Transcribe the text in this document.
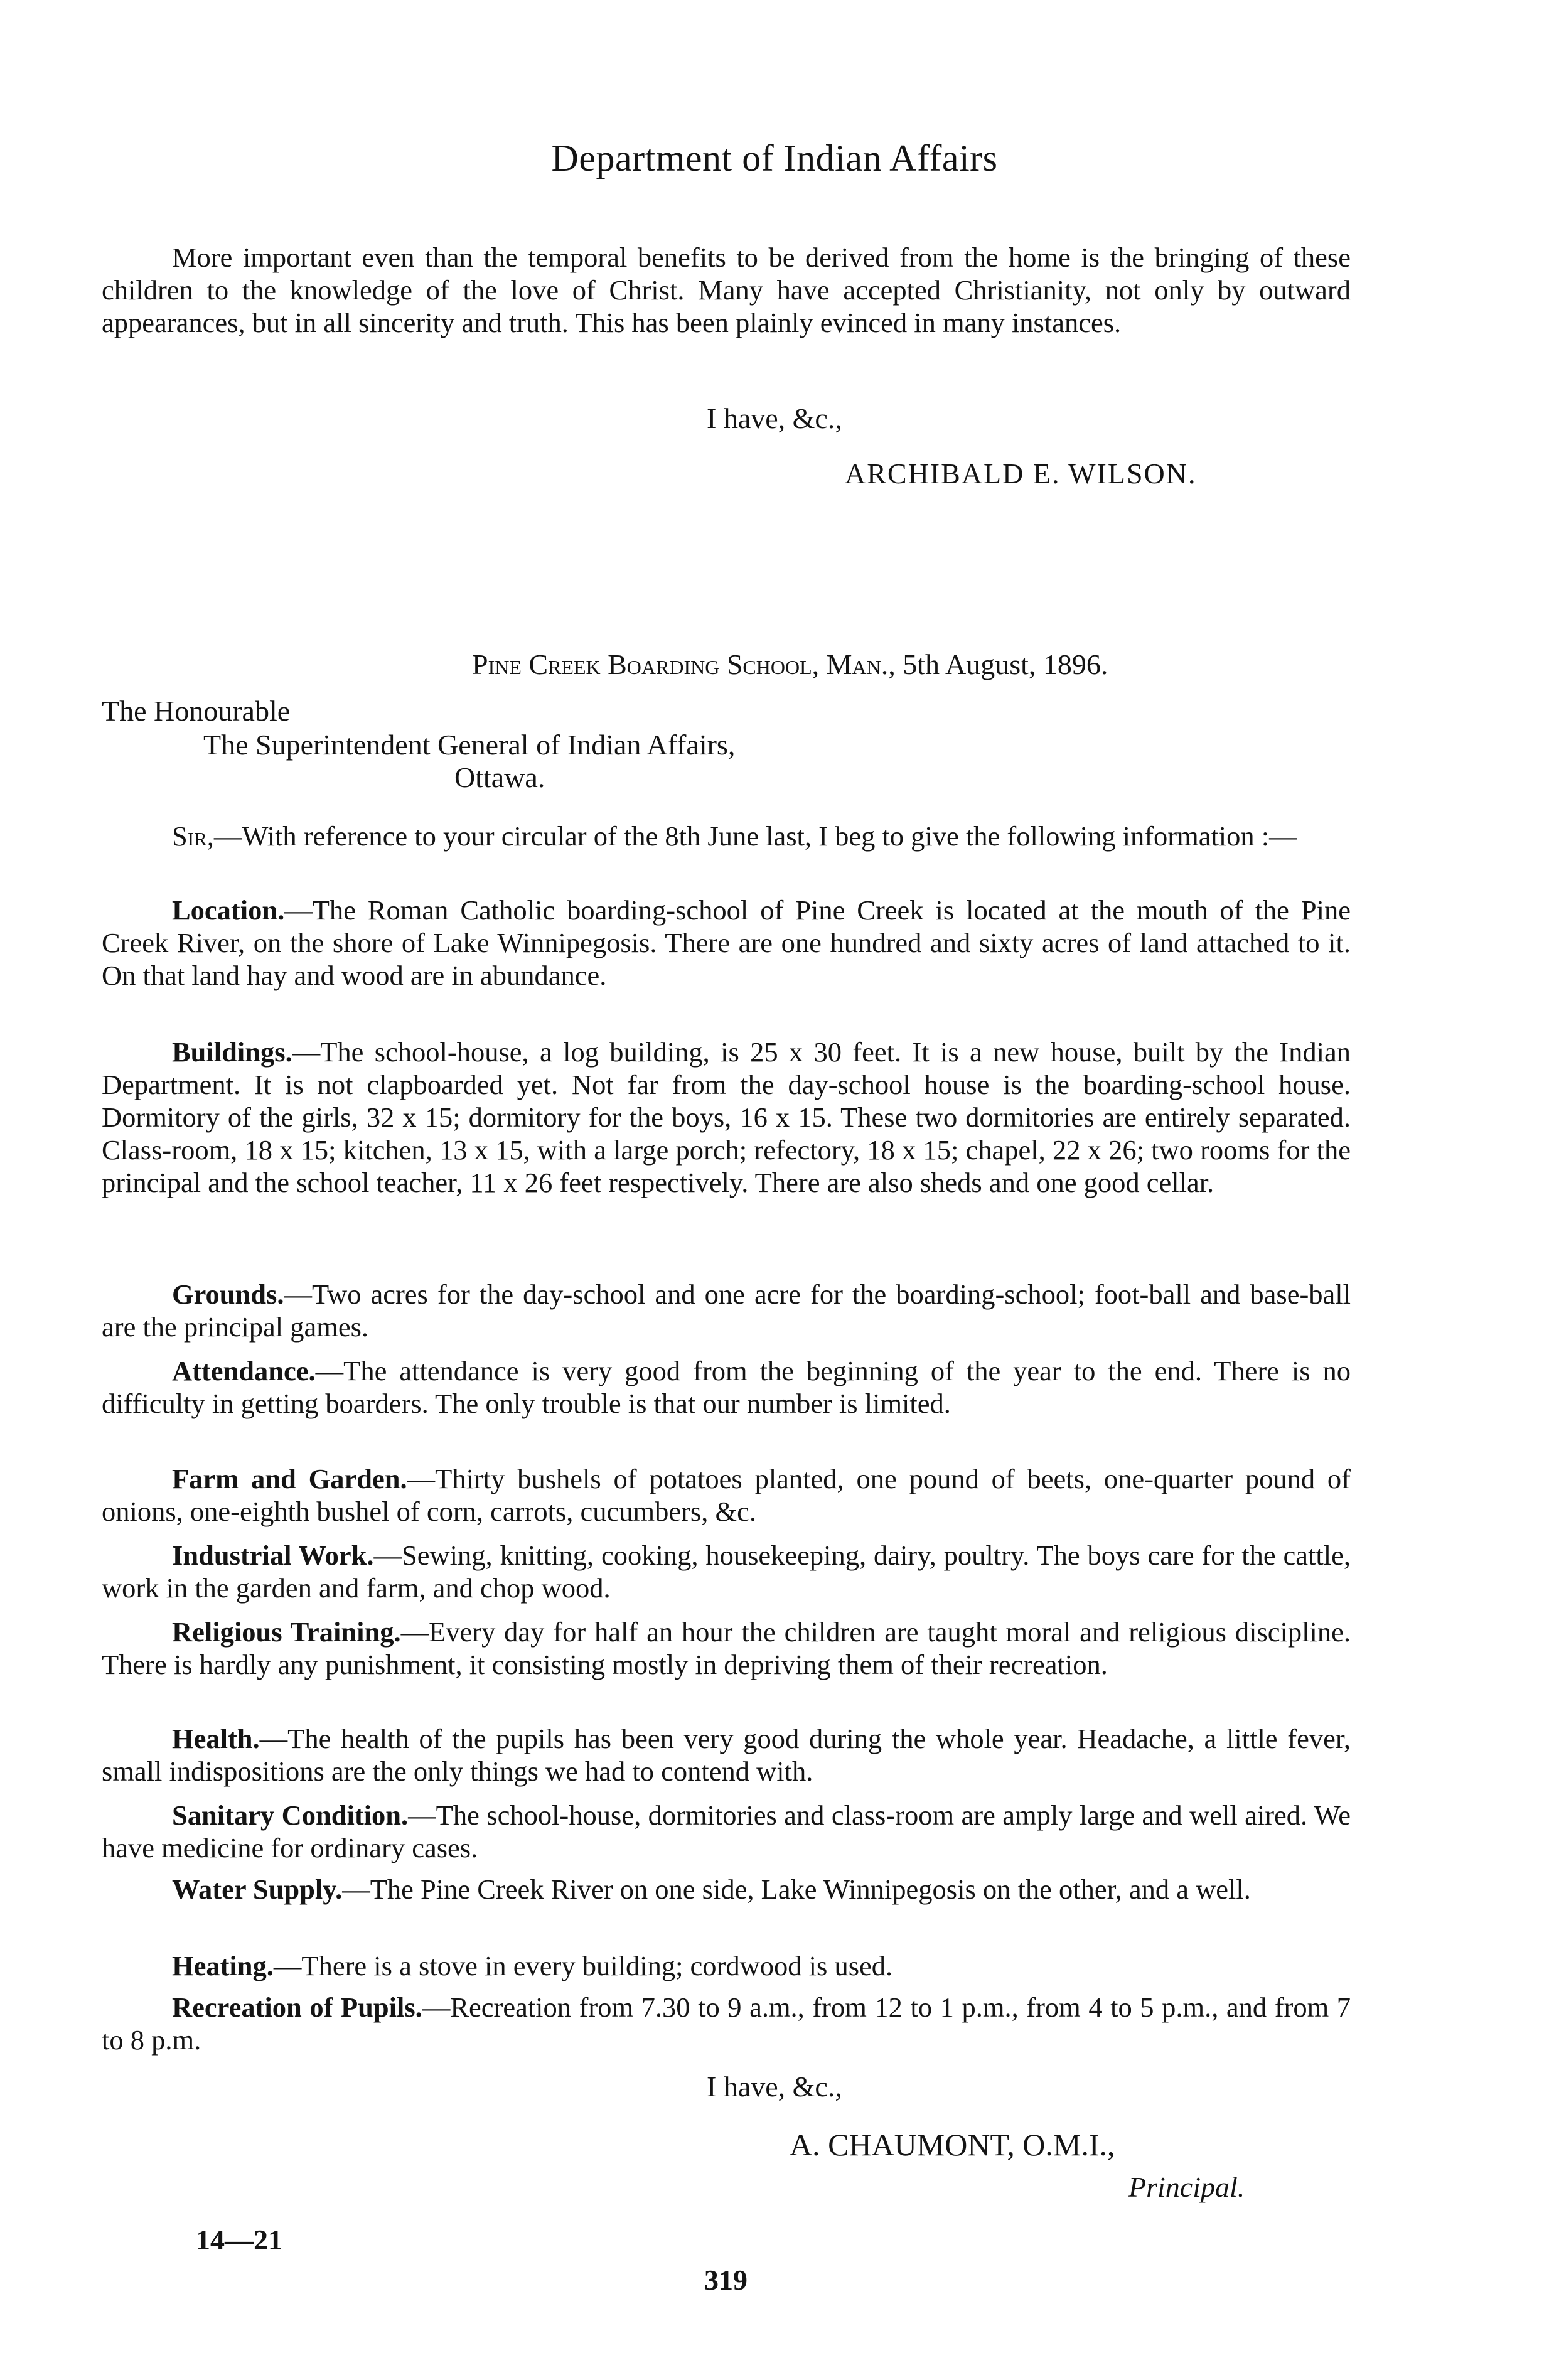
Department of Indian Affairs

More important even than the temporal benefits to be derived from the home is the bringing of these children to the knowledge of the love of Christ. Many have accepted Christianity, not only by outward appearances, but in all sincerity and truth. This has been plainly evinced in many instances.

I have, &c.,
ARCHIBALD E. WILSON.
Pine Creek Boarding School, Man., 5th August, 1896.
The Honourable
The Superintendent General of Indian Affairs,
Ottawa.

Sir,—With reference to your circular of the 8th June last, I beg to give the following information :—

Location.—The Roman Catholic boarding-school of Pine Creek is located at the mouth of the Pine Creek River, on the shore of Lake Winnipegosis. There are one hundred and sixty acres of land attached to it. On that land hay and wood are in abundance.

Buildings.—The school-house, a log building, is 25 x 30 feet. It is a new house, built by the Indian Department. It is not clapboarded yet. Not far from the day-school house is the boarding-school house. Dormitory of the girls, 32 x 15; dormitory for the boys, 16 x 15. These two dormitories are entirely separated. Class-room, 18 x 15; kitchen, 13 x 15, with a large porch; refectory, 18 x 15; chapel, 22 x 26; two rooms for the principal and the school teacher, 11 x 26 feet respectively. There are also sheds and one good cellar.

Grounds.—Two acres for the day-school and one acre for the boarding-school; foot-ball and base-ball are the principal games.

Attendance.—The attendance is very good from the beginning of the year to the end. There is no difficulty in getting boarders. The only trouble is that our number is limited.

Farm and Garden.—Thirty bushels of potatoes planted, one pound of beets, one-quarter pound of onions, one-eighth bushel of corn, carrots, cucumbers, &c.

Industrial Work.—Sewing, knitting, cooking, housekeeping, dairy, poultry. The boys care for the cattle, work in the garden and farm, and chop wood.

Religious Training.—Every day for half an hour the children are taught moral and religious discipline. There is hardly any punishment, it consisting mostly in depriving them of their recreation.

Health.—The health of the pupils has been very good during the whole year. Headache, a little fever, small indispositions are the only things we had to contend with.

Sanitary Condition.—The school-house, dormitories and class-room are amply large and well aired. We have medicine for ordinary cases.

Water Supply.—The Pine Creek River on one side, Lake Winnipegosis on the other, and a well.

Heating.—There is a stove in every building; cordwood is used.

Recreation of Pupils.—Recreation from 7.30 to 9 a.m., from 12 to 1 p.m., from 4 to 5 p.m., and from 7 to 8 p.m.

I have, &c.,
A. CHAUMONT, O.M.I.,
Principal.
14—21
319
